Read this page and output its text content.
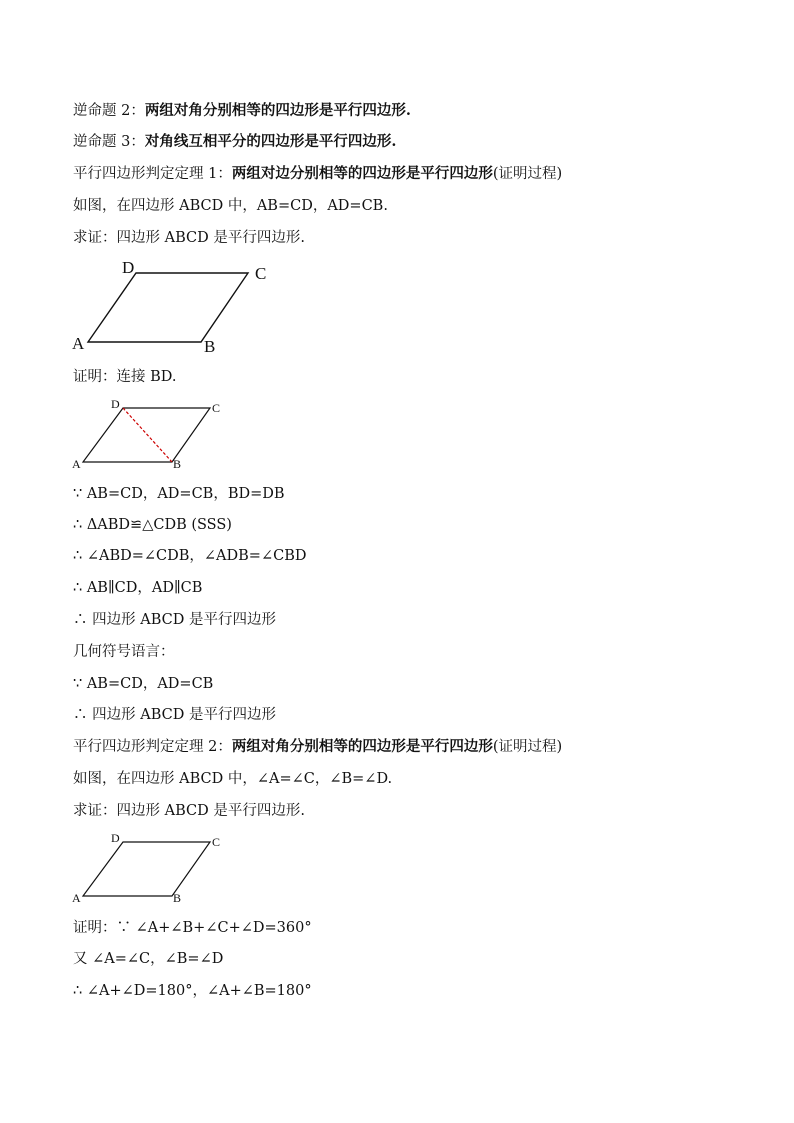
逆命题 2：两组对角分别相等的四边形是平行四边形.
逆命题 3：对角线互相平分的四边形是平行四边形.
平行四边形判定定理 1：两组对边分别相等的四边形是平行四边形(证明过程)
如图，在四边形 ABCD 中，AB=CD，AD=CB.
求证：四边形 ABCD 是平行四边形.
A	B
C
D
证明：连接 BD.
A	B
C
D
∵ AB=CD，AD=CB，BD=DB
∴ ΔABD≌△CDB (SSS)
∴ ∠ABD=∠CDB，∠ADB=∠CBD
∴ AB∥CD，AD∥CB
∴ 四边形 ABCD 是平行四边形
几何符号语言：
∵ AB=CD，AD=CB
∴ 四边形 ABCD 是平行四边形
平行四边形判定定理 2：两组对角分别相等的四边形是平行四边形(证明过程)
如图，在四边形 ABCD 中，∠A=∠C，∠B=∠D.
求证：四边形 ABCD 是平行四边形.
A	B
C
D
证明：∵ ∠A+∠B+∠C+∠D=360°
又 ∠A=∠C，∠B=∠D
∴ ∠A+∠D=180°，∠A+∠B=180°
